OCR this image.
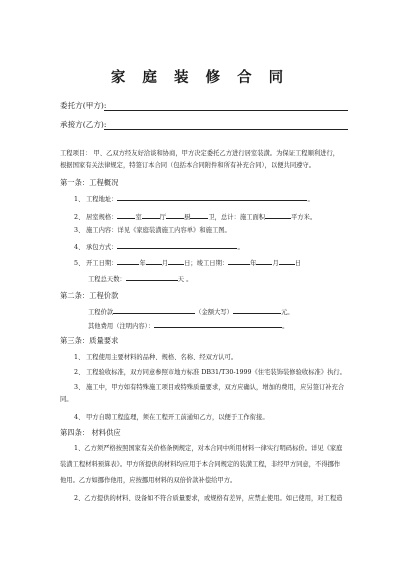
家 庭 装 修 合 同
委托方(甲方):
承接方(乙方):
工程项目： 甲、乙双方经友好洽谈和协商，甲方决定委托乙方进行居室装潢。为保证工程顺利进行，
根据国家有关法律规定，特签订本合同（包括本合同附件和所有补充合同），以便共同遵守。
第一条：工程概况
1、 工程地址：	。
2、 居室规格：	室	厅	厨	卫，总计：施工面积	平方米。
3、 施工内容：详见《家庭装潢施工内容单》和施工图。
4、 承包方式：	。
5、 开工日期：	年	月	日；竣工日期：	年	月	日
工程总天数：	天 。
第二条：工程价款
工程价款	（金额大写）	元。
其他费用（注明内容）：	。
第三条：质量要求
1、 工程使用主要材料的品种、规格、名称、经双方认可。
2、 工程验收标准，双方同意参照市地方标准 DB31/T30-1999《住宅装饰装修验收标准》执行。
3、 施工中，甲方如有特殊施工项目或特殊质量要求，双方应确认，增加的费用，应另签订补充合
同。
4、 甲方自聘工程监理，须在工程开工前通知乙方，以便于工作衔接。
第四条： 材料供应
1、乙方须严格按照国家有关价格条例规定，对本合同中所用材料一律实行明码标价。详见《家庭
装潢工程材料预算表》。甲方所提供的材料均应用于本合同规定的装潢工程，非经甲方同意，不得挪作
他用。乙方如挪作他用，应按挪用材料的双倍价款补偿给甲方。
2、乙方提供的材料、设备如不符合质量要求，或规格有差异，应禁止使用。如已使用，对工程造
